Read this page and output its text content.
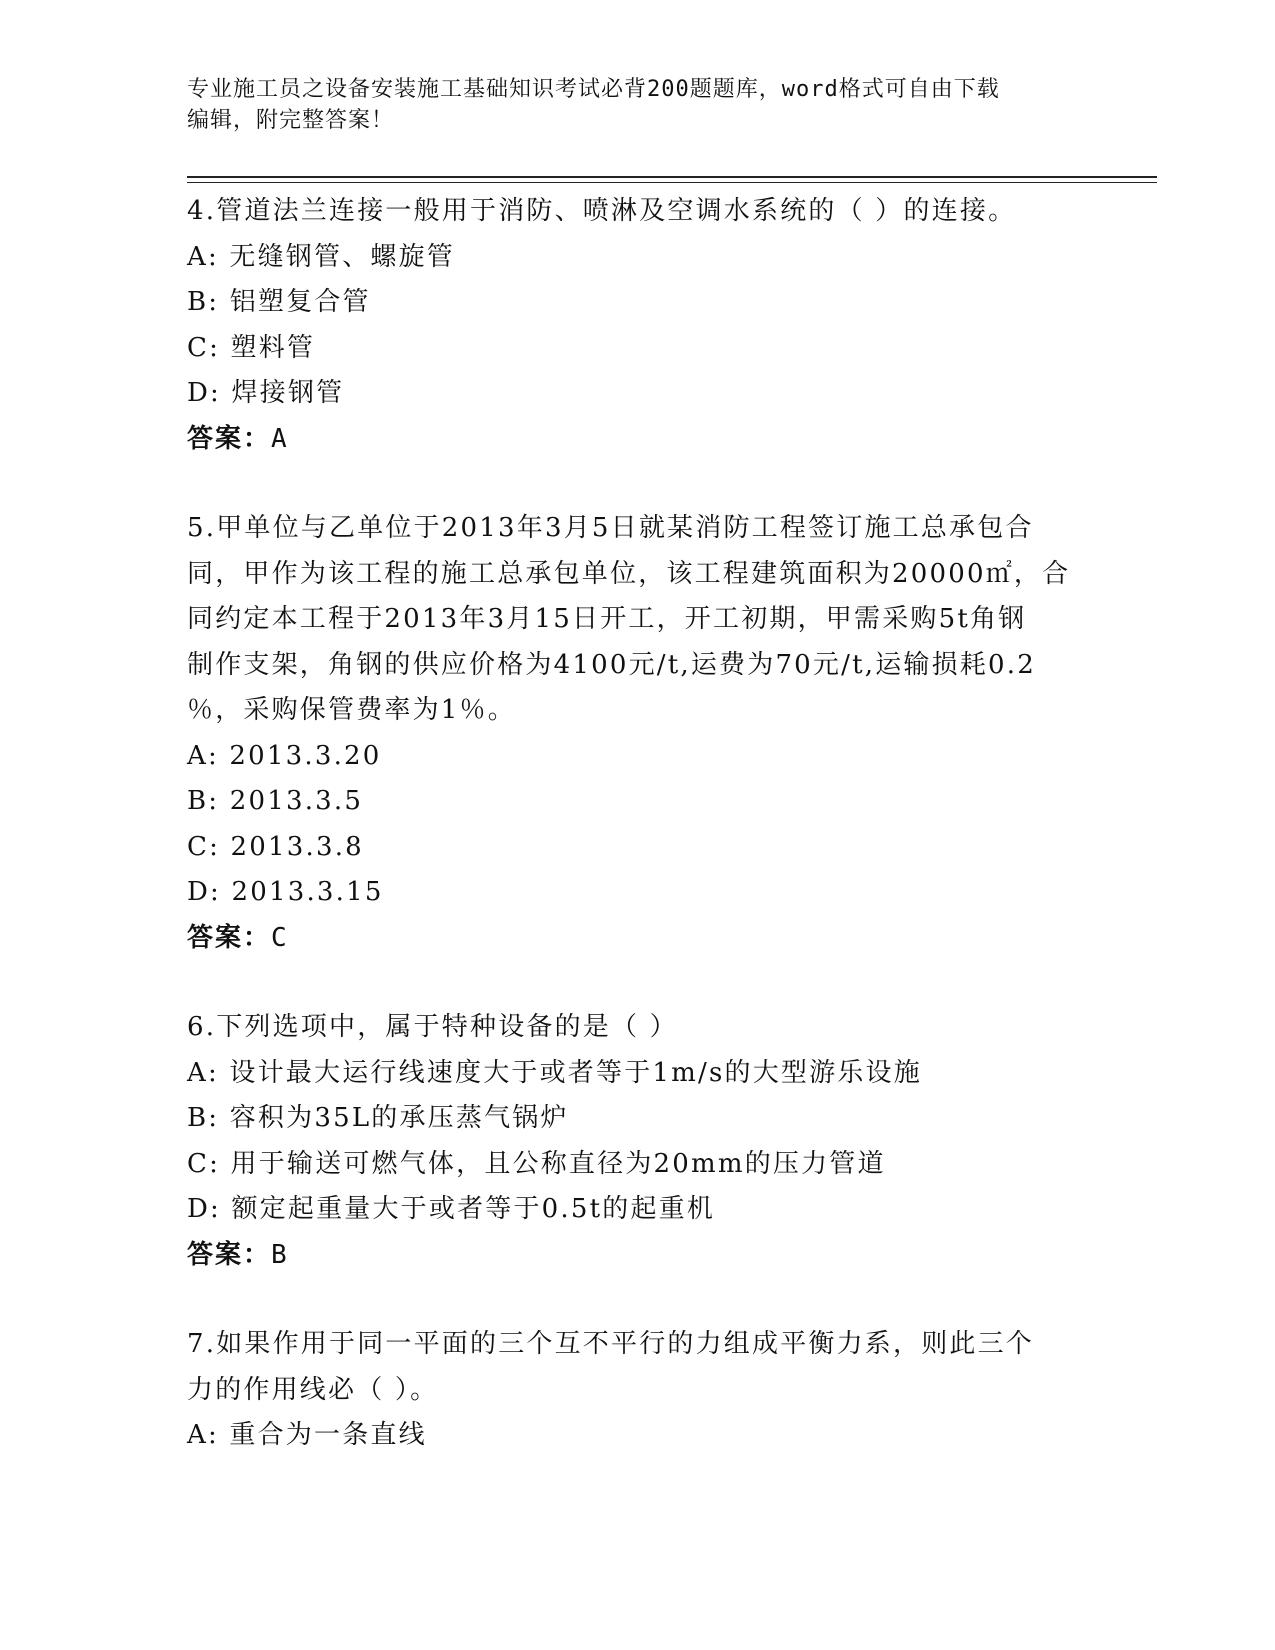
专业施工员之设备安装施工基础知识考试必背200题题库，word格式可自由下载
编辑，附完整答案！
4.管道法兰连接一般用于消防、喷淋及空调水系统的（ ）的连接。
A: 无缝钢管、螺旋管
B: 铝塑复合管
C: 塑料管
D: 焊接钢管
答案：A
5.甲单位与乙单位于2013年3月5日就某消防工程签订施工总承包合
同，甲作为该工程的施工总承包单位，该工程建筑面积为20000㎡，合
同约定本工程于2013年3月15日开工，开工初期，甲需采购5t角钢
制作支架，角钢的供应价格为4100元/t,运费为70元/t,运输损耗0.2
％，采购保管费率为1％。
A: 2013.3.20
B: 2013.3.5
C: 2013.3.8
D: 2013.3.15
答案：C
6.下列选项中，属于特种设备的是（ ）
A: 设计最大运行线速度大于或者等于1m/s的大型游乐设施
B: 容积为35L的承压蒸气锅炉
C: 用于输送可燃气体，且公称直径为20mm的压力管道
D: 额定起重量大于或者等于0.5t的起重机
答案：B
7.如果作用于同一平面的三个互不平行的力组成平衡力系，则此三个
力的作用线必（ ）。
A: 重合为一条直线
